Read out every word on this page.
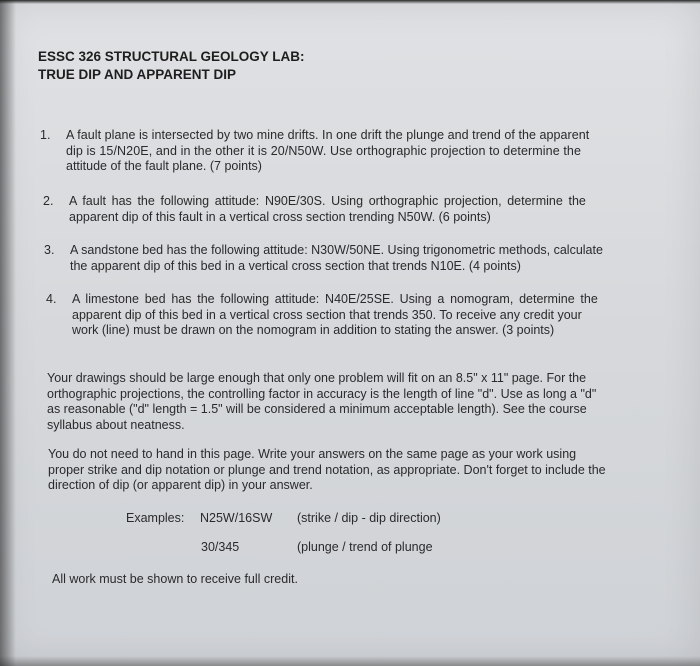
ESSC 326 STRUCTURAL GEOLOGY LAB:
TRUE DIP AND APPARENT DIP
1. A fault plane is intersected by two mine drifts. In one drift the plunge and trend of the apparent
dip is 15/N20E, and in the other it is 20/N50W. Use orthographic projection to determine the
attitude of the fault plane. (7 points)
2. A fault has the following attitude: N90E/30S. Using orthographic projection, determine the
apparent dip of this fault in a vertical cross section trending N50W. (6 points)
3. A sandstone bed has the following attitude: N30W/50NE. Using trigonometric methods, calculate
the apparent dip of this bed in a vertical cross section that trends N10E. (4 points)
4. A limestone bed has the following attitude: N40E/25SE. Using a nomogram, determine the
apparent dip of this bed in a vertical cross section that trends 350. To receive any credit your
work (line) must be drawn on the nomogram in addition to stating the answer. (3 points)
Your drawings should be large enough that only one problem will fit on an 8.5" x 11" page. For the
orthographic projections, the controlling factor in accuracy is the length of line "d". Use as long a "d"
as reasonable ("d" length = 1.5" will be considered a minimum acceptable length). See the course
syllabus about neatness.
You do not need to hand in this page. Write your answers on the same page as your work using
proper strike and dip notation or plunge and trend notation, as appropriate. Don't forget to include the
direction of dip (or apparent dip) in your answer.
Examples: N25W/16SW (strike / dip - dip direction)
30/345	(plunge / trend of plunge
All work must be shown to receive full credit.
